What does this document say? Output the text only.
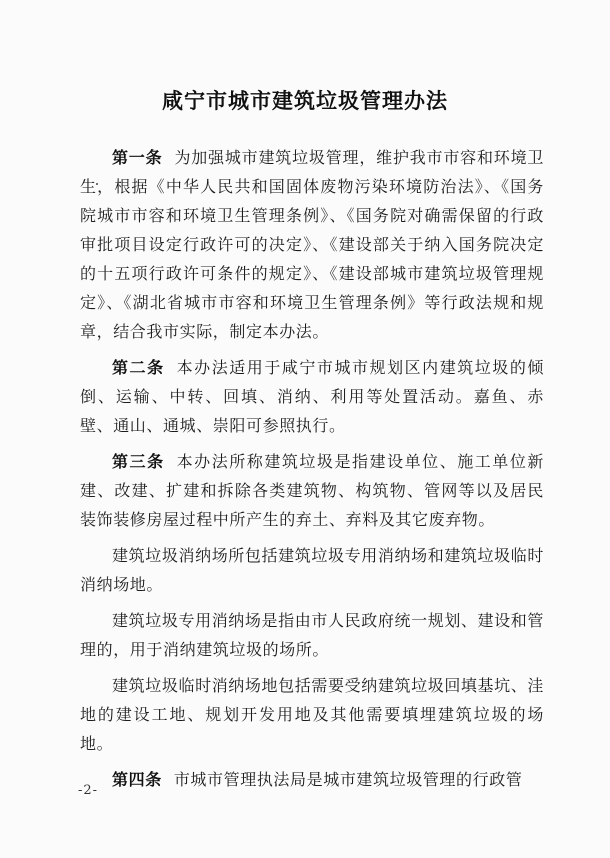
咸宁市城市建筑垃圾管理办法

第一条 为加强城市建筑垃圾管理，维护我市市容和环境卫生，根据《中华人民共和国固体废物污染环境防治法》、《国务院城市市容和环境卫生管理条例》、《国务院对确需保留的行政审批项目设定行政许可的决定》、《建设部关于纳入国务院决定的十五项行政许可条件的规定》、《建设部城市建筑垃圾管理规定》、《湖北省城市市容和环境卫生管理条例》等行政法规和规章，结合我市实际，制定本办法。

第二条 本办法适用于咸宁市城市规划区内建筑垃圾的倾倒、运输、中转、回填、消纳、利用等处置活动。嘉鱼、赤壁、通山、通城、崇阳可参照执行。

第三条 本办法所称建筑垃圾是指建设单位、施工单位新建、改建、扩建和拆除各类建筑物、构筑物、管网等以及居民装饰装修房屋过程中所产生的弃土、弃料及其它废弃物。

建筑垃圾消纳场所包括建筑垃圾专用消纳场和建筑垃圾临时消纳场地。

建筑垃圾专用消纳场是指由市人民政府统一规划、建设和管理的，用于消纳建筑垃圾的场所。

建筑垃圾临时消纳场地包括需要受纳建筑垃圾回填基坑、洼地的建设工地、规划开发用地及其他需要填埋建筑垃圾的场地。

第四条 市城市管理执法局是城市建筑垃圾管理的行政管

-2-
